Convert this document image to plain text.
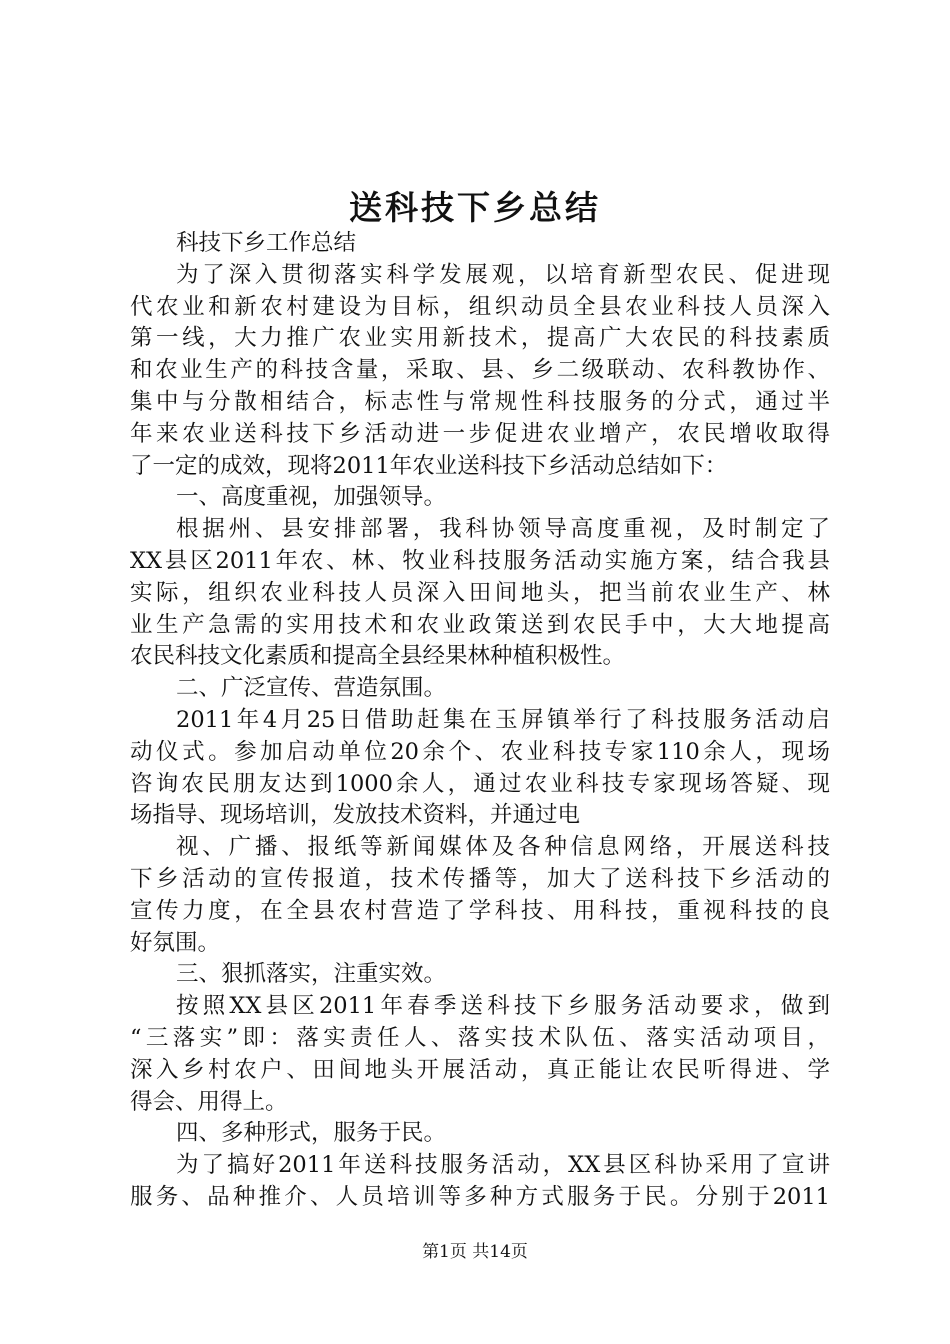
送科技下乡总结
科技下乡工作总结
为了深入贯彻落实科学发展观，以培育新型农民、促进现
代农业和新农村建设为目标，组织动员全县农业科技人员深入
第一线，大力推广农业实用新技术，提高广大农民的科技素质
和农业生产的科技含量，采取、县、乡二级联动、农科教协作、
集中与分散相结合，标志性与常规性科技服务的分式，通过半
年来农业送科技下乡活动进一步促进农业增产，农民增收取得
了一定的成效，现将2011年农业送科技下乡活动总结如下：
一、高度重视，加强领导。
根据州、县安排部署，我科协领导高度重视，及时制定了
XX县区2011年农、林、牧业科技服务活动实施方案，结合我县
实际，组织农业科技人员深入田间地头，把当前农业生产、林
业生产急需的实用技术和农业政策送到农民手中，大大地提高
农民科技文化素质和提高全县经果林种植积极性。
二、广泛宣传、营造氛围。
2011年4月25日借助赶集在玉屏镇举行了科技服务活动启
动仪式。参加启动单位20余个、农业科技专家110余人，现场
咨询农民朋友达到1000余人，通过农业科技专家现场答疑、现
场指导、现场培训，发放技术资料，并通过电
视、广播、报纸等新闻媒体及各种信息网络，开展送科技
下乡活动的宣传报道，技术传播等，加大了送科技下乡活动的
宣传力度，在全县农村营造了学科技、用科技，重视科技的良
好氛围。
三、狠抓落实，注重实效。
按照XX县区2011年春季送科技下乡服务活动要求，做到
“三落实”即：落实责任人、落实技术队伍、落实活动项目，
深入乡村农户、田间地头开展活动，真正能让农民听得进、学
得会、用得上。
四、多种形式，服务于民。
为了搞好2011年送科技服务活动，XX县区科协采用了宣讲
服务、品种推介、人员培训等多种方式服务于民。分别于2011
第1页 共14页
